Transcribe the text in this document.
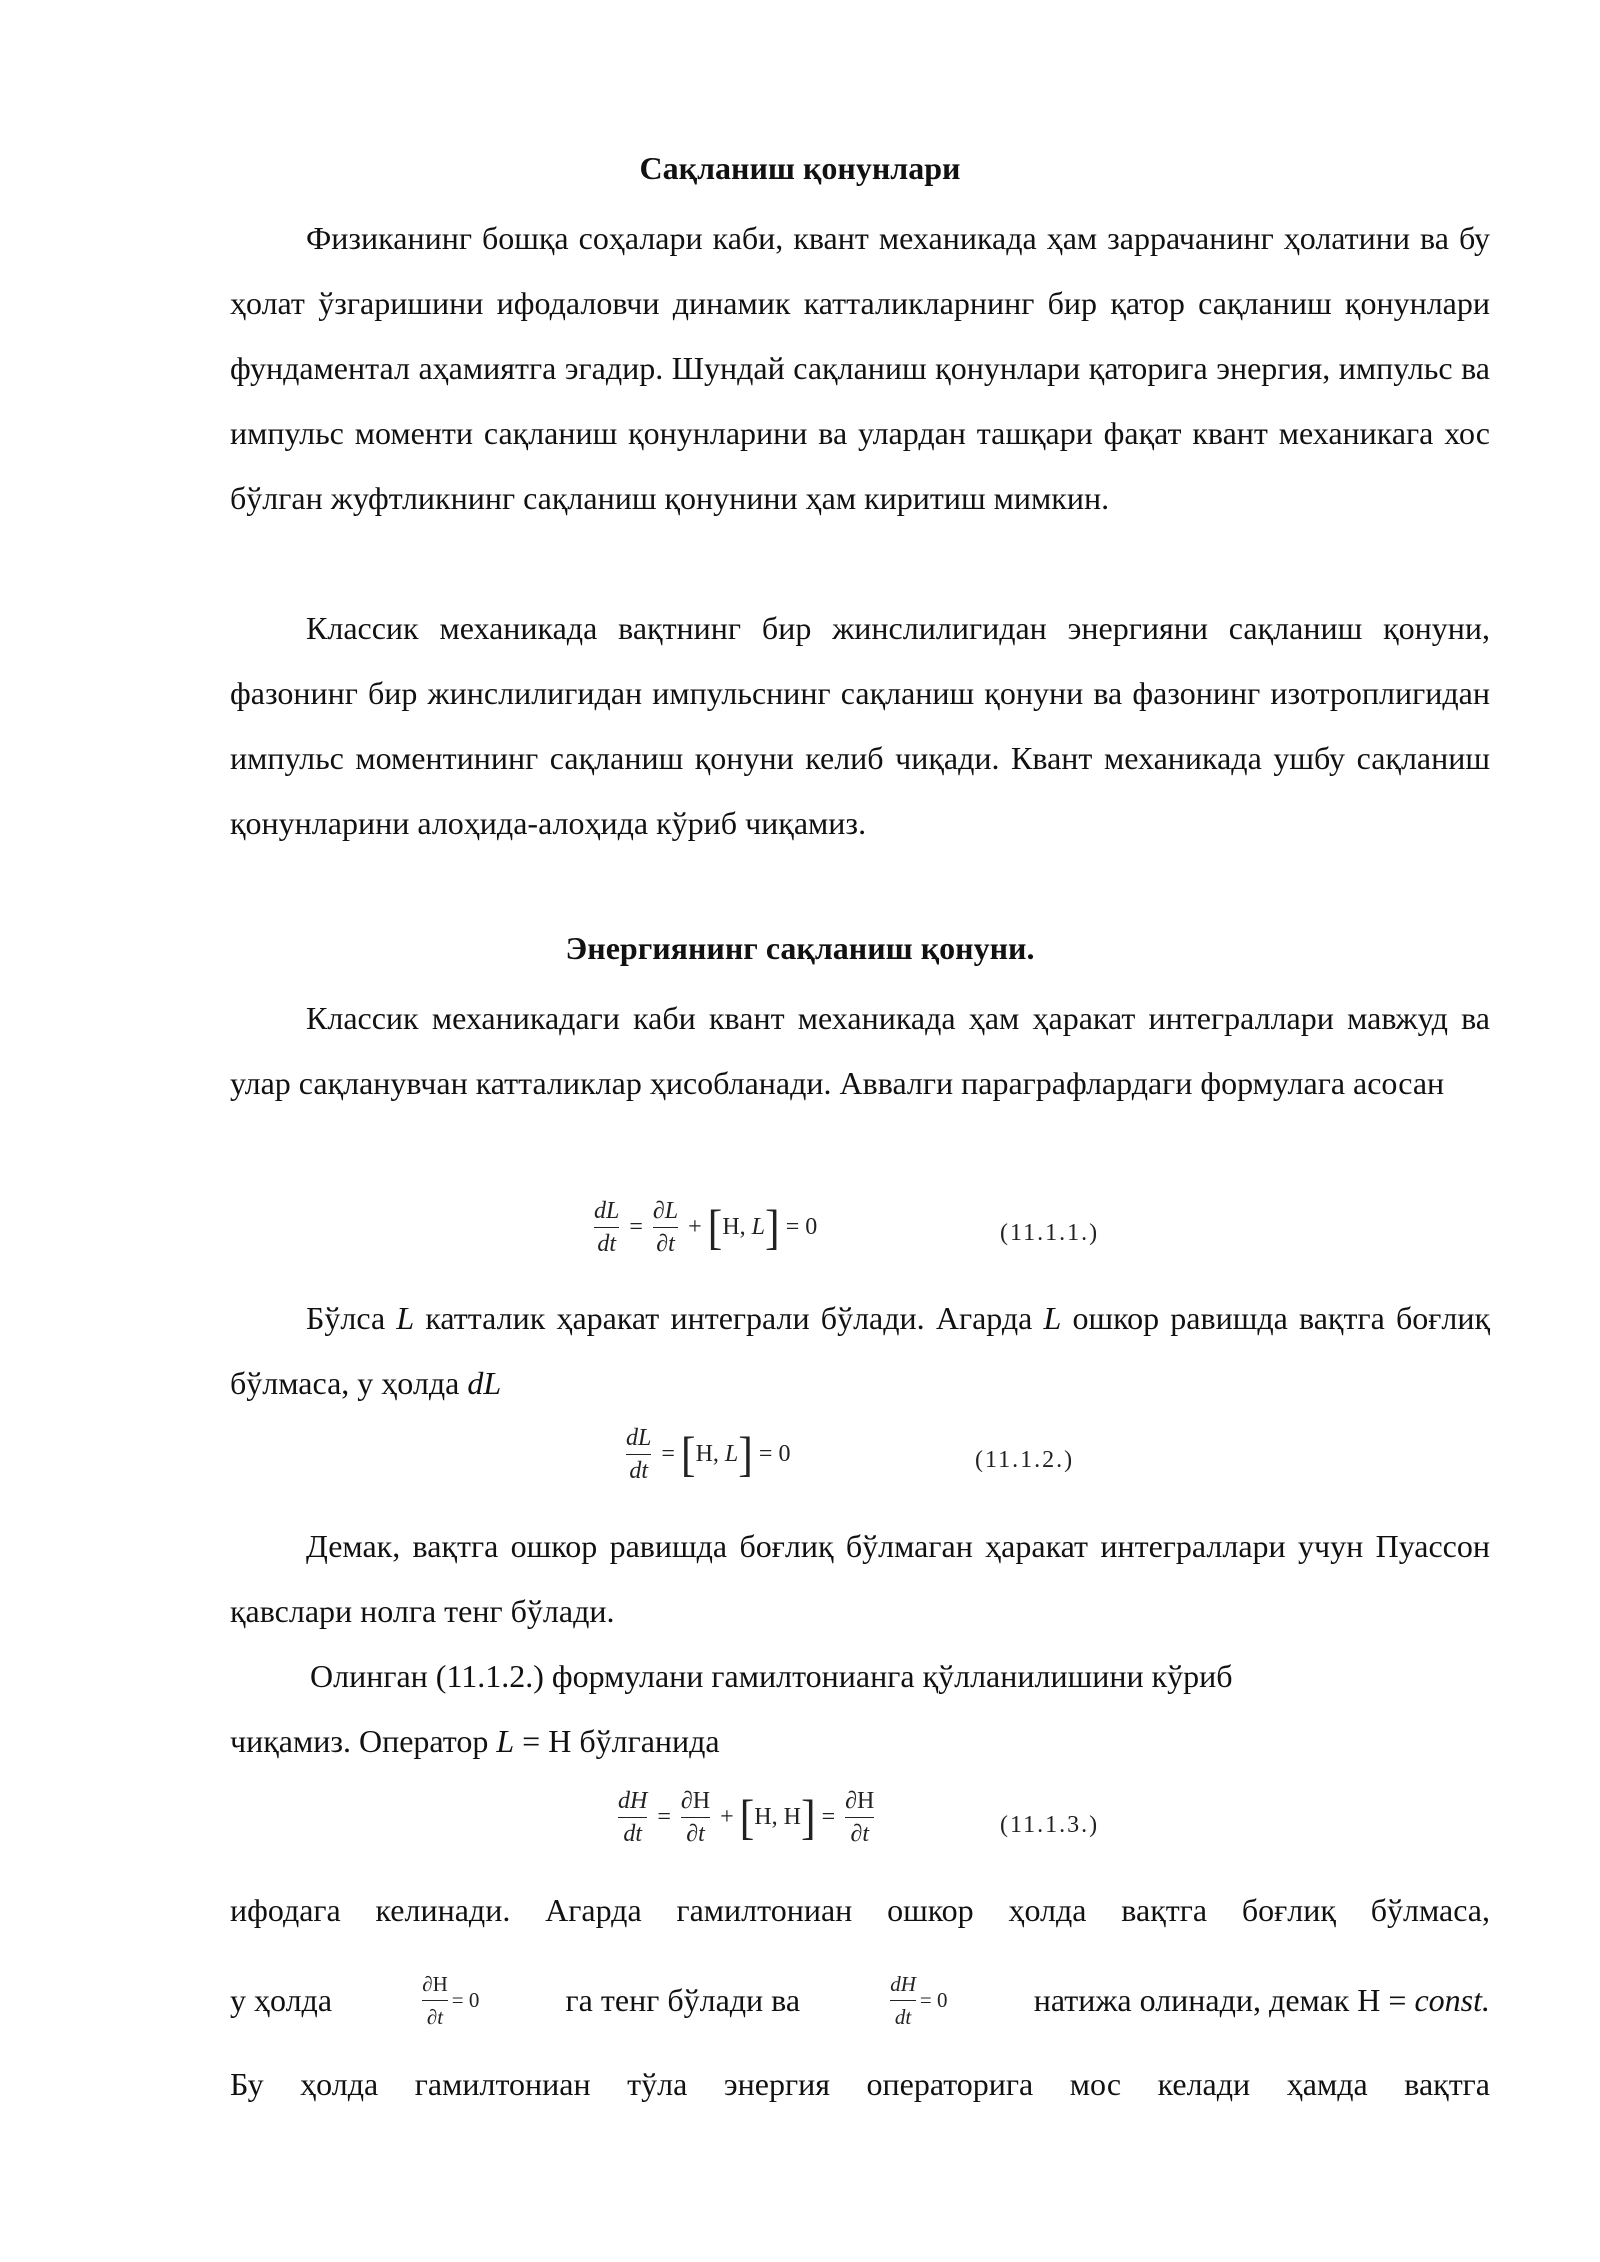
Сақланиш қонунлари

Физиканинг бошқа соҳалари каби, квант механикада ҳам заррачанинг ҳолатини ва бу ҳолат ўзгаришини ифодаловчи динамик катталикларнинг бир қатор сақланиш қонунлари фундаментал аҳамиятга эгадир. Шундай сақланиш қонунлари қаторига энергия, импульс ва импульс моменти сақланиш қонунларини ва улардан ташқари фақат квант механикага хос бўлган жуфтликнинг сақланиш қонунини ҳам киритиш мимкин.

Классик механикада вақтнинг бир жинслилигидан энергияни сақланиш қонуни, фазонинг бир жинслилигидан импульснинг сақланиш қонуни ва фазонинг изотроплигидан импульс моментининг сақланиш қонуни келиб чиқади. Квант механикада ушбу сақланиш қонунларини алоҳида-алоҳида кўриб чиқамиз.

Энергиянинг сақланиш қонуни.

Классик механикадаги каби квант механикада ҳам ҳаракат интеграллари мавжуд ва улар сақланувчан катталиклар ҳисобланади. Аввалги параграфлардаги формулага асосан

$\frac{dL}{dt} = \frac{\partial L}{\partial t}$ + [ H,
L ] = 0	(11.1.1.)

Бўлса L катталик ҳаракат интеграли бўлади. Агарда L ошкор равишда вақтга боғлиқ бўлмаса, у ҳолда dL

$\frac{dL}{dt}$ = [ H,
L ] = 0	(11.1.2.)

Демак, вақтга ошкор равишда боғлиқ бўлмаган ҳаракат интеграллари учун Пуассон қавслари нолга тенг бўлади.

Олинган (11.1.2.) формулани гамилтонианга қўлланилишини кўриб

чиқамиз. Оператор L = H бўлганида

$\frac{dH}{dt} = \frac{\partial H}{\partial t}$ + [ H, H ] = $\frac{\partial H}{\partial t}$	(11.1.3.)

ифодага келинади. Агарда гамилтониан ошкор ҳолда вақтга боғлиқ бўлмаса,

у ҳолда	$\frac{\partial H}{\partial t} = 0$	га тенг бўлади ва	$\frac{dH}{dt} = 0$	натижа олинади, демак H = const.

Бу ҳолда гамилтониан тўла энергия операторига мос келади ҳамда вақтга
